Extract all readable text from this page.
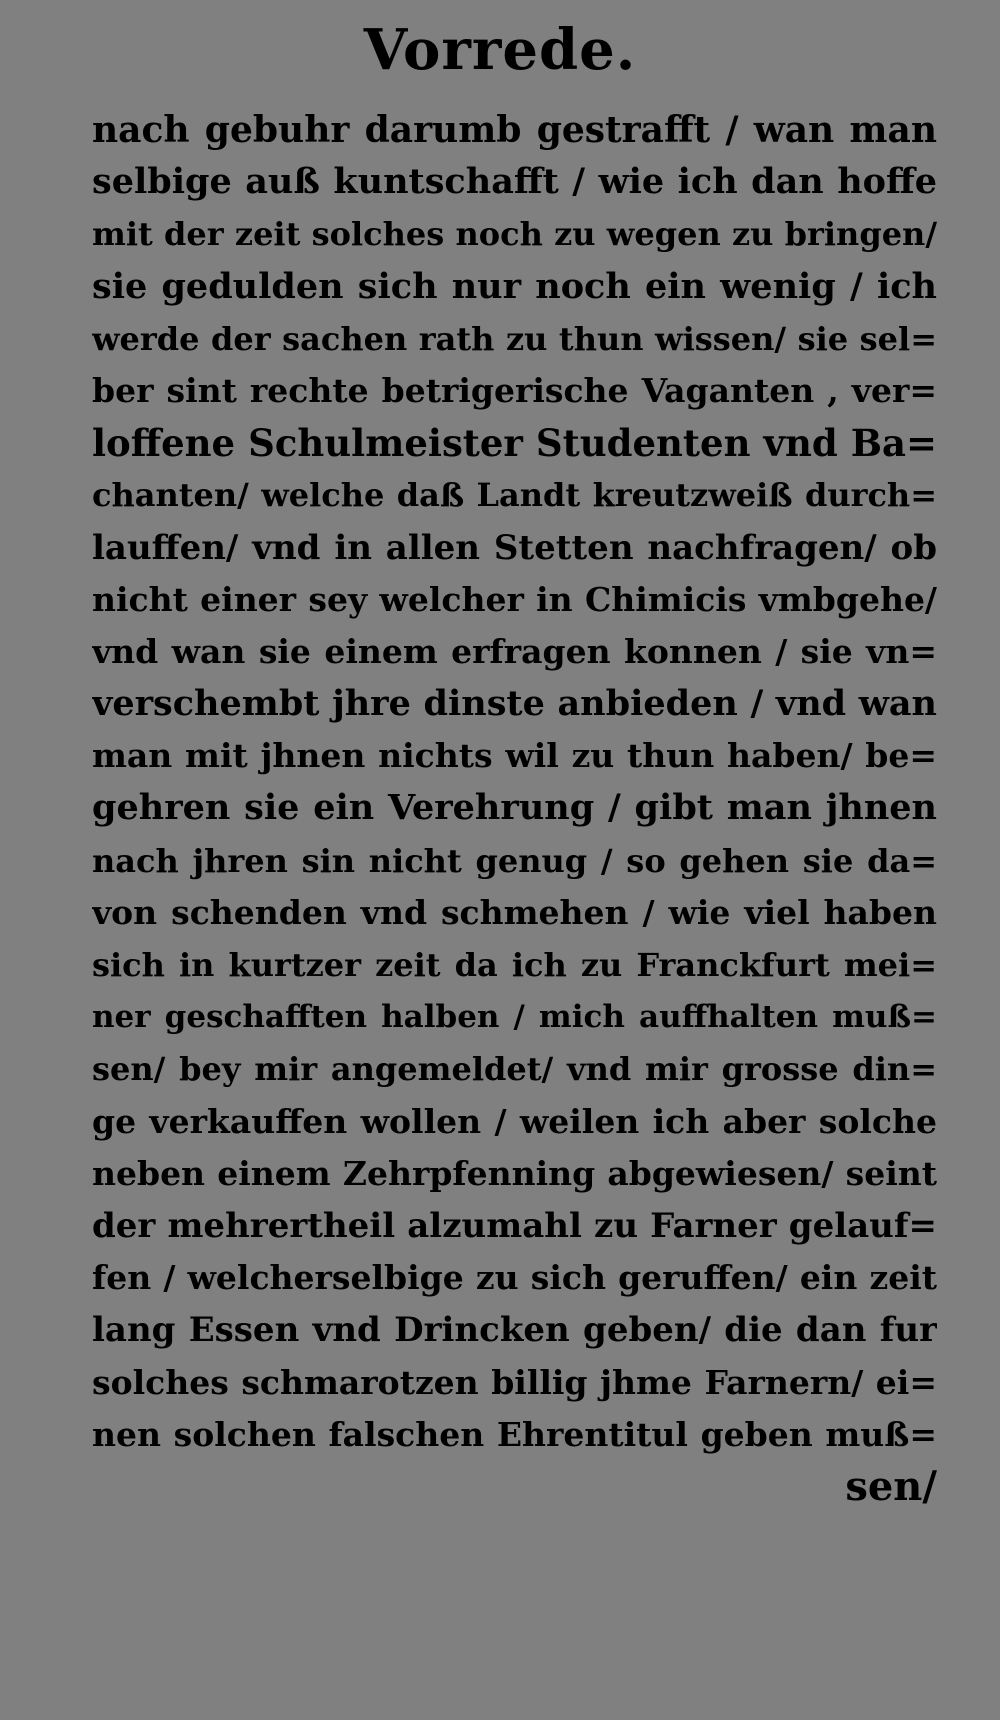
Vorrede.
nach gebuhr darumb gestrafft / wan man
selbige auß kuntschafft / wie ich dan hoffe
mit der zeit solches noch zu wegen zu bringen/
sie gedulden sich nur noch ein wenig / ich
werde der sachen rath zu thun wissen/ sie sel=
ber sint rechte betrigerische Vaganten , ver=
loffene Schulmeister Studenten vnd Ba=
chanten/ welche daß Landt kreutzweiß durch=
lauffen/ vnd in allen Stetten nachfragen/ ob
nicht einer sey welcher in Chimicis vmbgehe/
vnd wan sie einem erfragen konnen / sie vn=
verschembt jhre dinste anbieden / vnd wan
man mit jhnen nichts wil zu thun haben/ be=
gehren sie ein Verehrung / gibt man jhnen
nach jhren sin nicht genug / so gehen sie da=
von schenden vnd schmehen / wie viel haben
sich in kurtzer zeit da ich zu Franckfurt mei=
ner geschafften halben / mich auffhalten muß=
sen/ bey mir angemeldet/ vnd mir grosse din=
ge verkauffen wollen / weilen ich aber solche
neben einem Zehrpfenning abgewiesen/ seint
der mehrertheil alzumahl zu Farner gelauf=
fen / welcherselbige zu sich geruffen/ ein zeit
lang Essen vnd Drincken geben/ die dan fur
solches schmarotzen billig jhme Farnern/ ei=
nen solchen falschen Ehrentitul geben muß=
sen/
